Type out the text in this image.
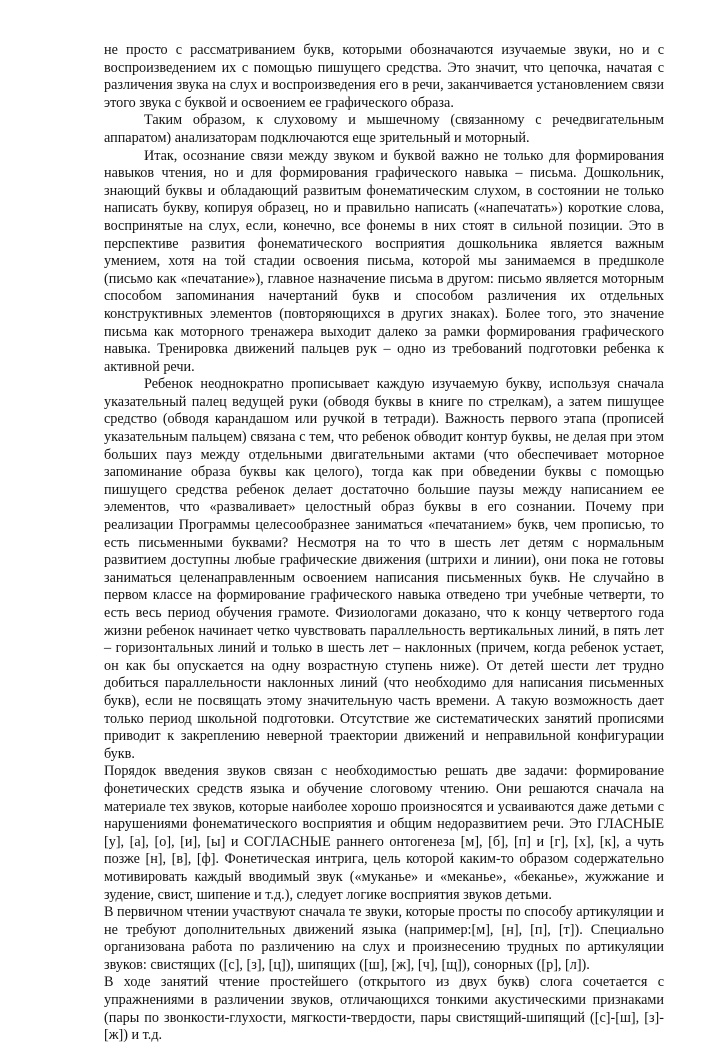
не просто с рассматриванием букв, которыми обозначаются изучаемые звуки, но и с воспроизведением их с помощью пишущего средства. Это значит, что цепочка, начатая с различения звука на слух и воспроизведения его в речи, заканчивается установлением связи этого звука с буквой и освоением ее графического образа.

Таким образом, к слуховому и мышечному (связанному с речедвигательным аппаратом) анализаторам подключаются еще зрительный и моторный.

Итак, осознание связи между звуком и буквой важно не только для формирования навыков чтения, но и для формирования графического навыка – письма. Дошкольник, знающий буквы и обладающий развитым фонематическим слухом, в состоянии не только написать букву, копируя образец, но и правильно написать («напечатать») короткие слова, воспринятые на слух, если, конечно, все фонемы в них стоят в сильной позиции. Это в перспективе развития фонематического восприятия дошкольника является важным умением, хотя на той стадии освоения письма, которой мы занимаемся в предшколе (письмо как «печатание»), главное назначение письма в другом: письмо является моторным способом запоминания начертаний букв и способом различения их отдельных конструктивных элементов (повторяющихся в других знаках). Более того, это значение письма как моторного тренажера выходит далеко за рамки формирования графического навыка. Тренировка движений пальцев рук – одно из требований подготовки ребенка к активной речи.

Ребенок неоднократно прописывает каждую изучаемую букву, используя сначала указательный палец ведущей руки (обводя буквы в книге по стрелкам), а затем пишущее средство (обводя карандашом или ручкой в тетради). Важность первого этапа (прописей указательным пальцем) связана с тем, что ребенок обводит контур буквы, не делая при этом больших пауз между отдельными двигательными актами (что обеспечивает моторное запоминание образа буквы как целого), тогда как при обведении буквы с помощью пишущего средства ребенок делает достаточно большие паузы между написанием ее элементов, что «разваливает» целостный образ буквы в его сознании. Почему при реализации Программы целесообразнее заниматься «печатанием» букв, чем прописью, то есть письменными буквами? Несмотря на то что в шесть лет детям с нормальным развитием доступны любые графические движения (штрихи и линии), они пока не готовы заниматься целенаправленным освоением написания письменных букв. Не случайно в первом классе на формирование графического навыка отведено три учебные четверти, то есть весь период обучения грамоте. Физиологами доказано, что к концу четвертого года жизни ребенок начинает четко чувствовать параллельность вертикальных линий, в пять лет – горизонтальных линий и только в шесть лет – наклонных (причем, когда ребенок устает, он как бы опускается на одну возрастную ступень ниже). От детей шести лет трудно добиться параллельности наклонных линий (что необходимо для написания письменных букв), если не посвящать этому значительную часть времени. А такую возможность дает только период школьной подготовки. Отсутствие же систематических занятий прописями приводит к закреплению неверной траектории движений и неправильной конфигурации букв.

Порядок введения звуков связан с необходимостью решать две задачи: формирование фонетических средств языка и обучение слоговому чтению. Они решаются сначала на материале тех звуков, которые наиболее хорошо произносятся и усваиваются даже детьми с нарушениями фонематического восприятия и общим недоразвитием речи. Это ГЛАСНЫЕ [у], [а], [о], [и], [ы] и СОГЛАСНЫЕ раннего онтогенеза [м], [б], [п] и [г], [х], [к], а чуть позже [н], [в], [ф]. Фонетическая интрига, цель которой каким-то образом содержательно мотивировать каждый вводимый звук («муканье» и «меканье», «беканье», жужжание и зудение, свист, шипение и т.д.), следует логике восприятия звуков детьми.

В первичном чтении участвуют сначала те звуки, которые просты по способу артикуляции и не требуют дополнительных движений языка (например:[м], [н], [п], [т]). Специально организована работа по различению на слух и произнесению трудных по артикуляции звуков: свистящих ([с], [з], [ц]), шипящих ([ш], [ж], [ч], [щ]), сонорных ([р], [л]).

В ходе занятий чтение простейшего (открытого из двух букв) слога сочетается с упражнениями в различении звуков, отличающихся тонкими акустическими признаками (пары по звонкости-глухости, мягкости-твердости, пары свистящий-шипящий ([с]-[ш], [з]-[ж]) и т.д.
